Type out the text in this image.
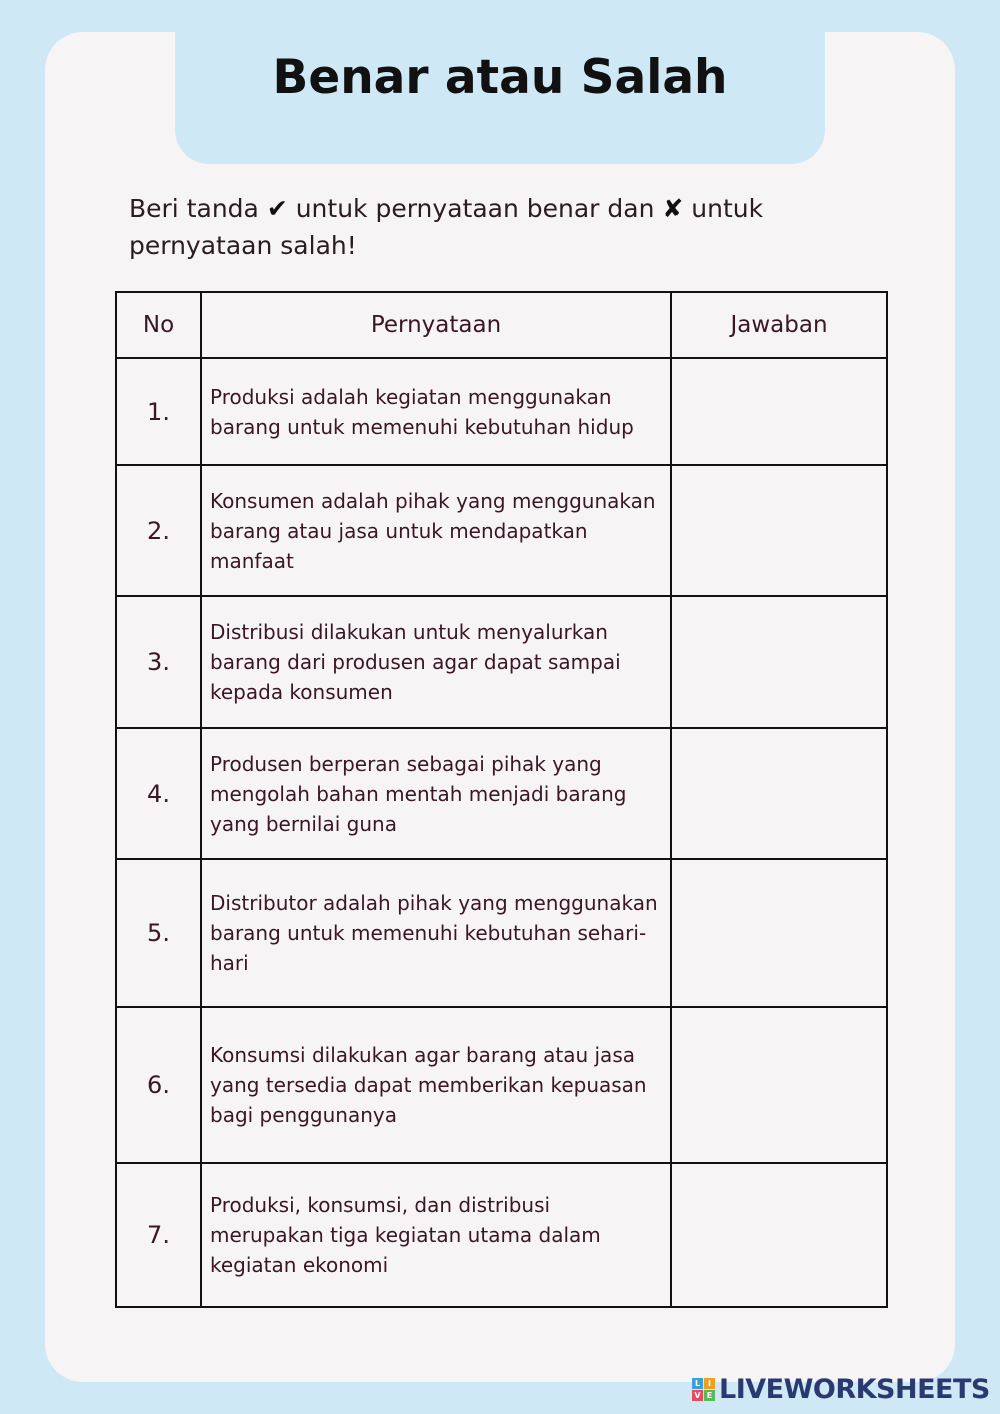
Benar atau Salah

Beri tanda ✔ untuk pernyataan benar dan ✘ untuk pernyataan salah!

No	Pernyataan	Jawaban
1.	Produksi adalah kegiatan menggunakan barang untuk memenuhi kebutuhan hidup	
2.	Konsumen adalah pihak yang menggunakan barang atau jasa untuk mendapatkan manfaat	
3.	Distribusi dilakukan untuk menyalurkan barang dari produsen agar dapat sampai kepada konsumen	
4.	Produsen berperan sebagai pihak yang mengolah bahan mentah menjadi barang yang bernilai guna	
5.	Distributor adalah pihak yang menggunakan barang untuk memenuhi kebutuhan sehari-hari	
6.	Konsumsi dilakukan agar barang atau jasa yang tersedia dapat memberikan kepuasan bagi penggunanya	
7.	Produksi, konsumsi, dan distribusi merupakan tiga kegiatan utama dalam kegiatan ekonomi	
L I
V E LIVEWORKSHEETS
